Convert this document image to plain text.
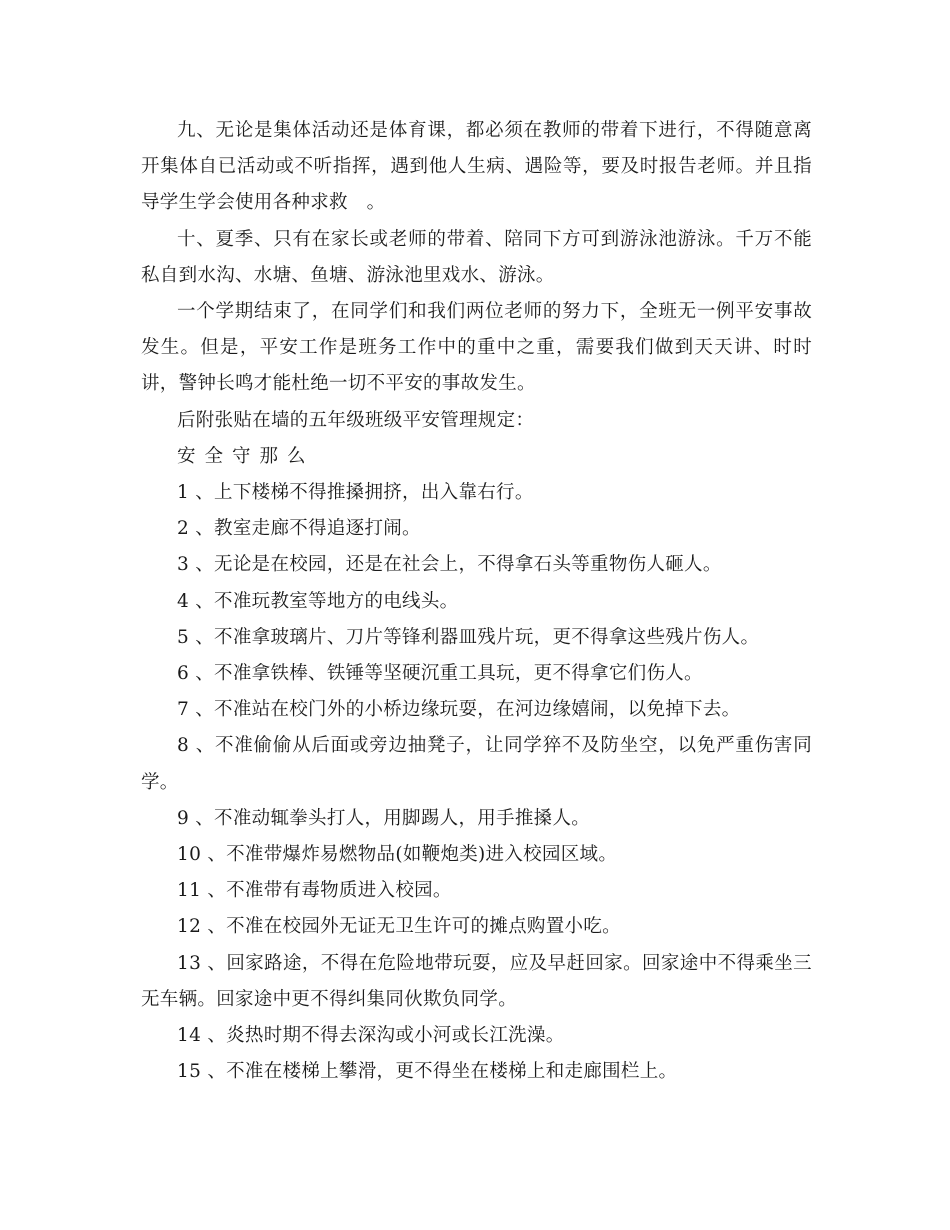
九、无论是集体活动还是体育课，都必须在教师的带着下进行，不得随意离开集体自已活动或不听指挥，遇到他人生病、遇险等，要及时报告老师。并且指导学生学会使用各种求救　。

十、夏季、只有在家长或老师的带着、陪同下方可到游泳池游泳。千万不能私自到水沟、水塘、鱼塘、游泳池里戏水、游泳。

一个学期结束了，在同学们和我们两位老师的努力下，全班无一例平安事故发生。但是，平安工作是班务工作中的重中之重，需要我们做到天天讲、时时讲，警钟长鸣才能杜绝一切不平安的事故发生。

后附张贴在墙的五年级班级平安管理规定：

安全守那么

1 、上下楼梯不得推搡拥挤，出入靠右行。

2 、教室走廊不得追逐打闹。

3 、无论是在校园，还是在社会上，不得拿石头等重物伤人砸人。

4 、不准玩教室等地方的电线头。

5 、不准拿玻璃片、刀片等锋利器皿残片玩，更不得拿这些残片伤人。

6 、不准拿铁棒、铁锤等坚硬沉重工具玩，更不得拿它们伤人。

7 、不准站在校门外的小桥边缘玩耍，在河边缘嬉闹，以免掉下去。

8 、不准偷偷从后面或旁边抽凳子，让同学猝不及防坐空，以免严重伤害同学。

9 、不准动辄拳头打人，用脚踢人，用手推搡人。

10 、不准带爆炸易燃物品(如鞭炮类)进入校园区域。

11 、不准带有毒物质进入校园。

12 、不准在校园外无证无卫生许可的摊点购置小吃。

13 、回家路途，不得在危险地带玩耍，应及早赶回家。回家途中不得乘坐三无车辆。回家途中更不得纠集同伙欺负同学。

14 、炎热时期不得去深沟或小河或长江洗澡。

15 、不准在楼梯上攀滑，更不得坐在楼梯上和走廊围栏上。
